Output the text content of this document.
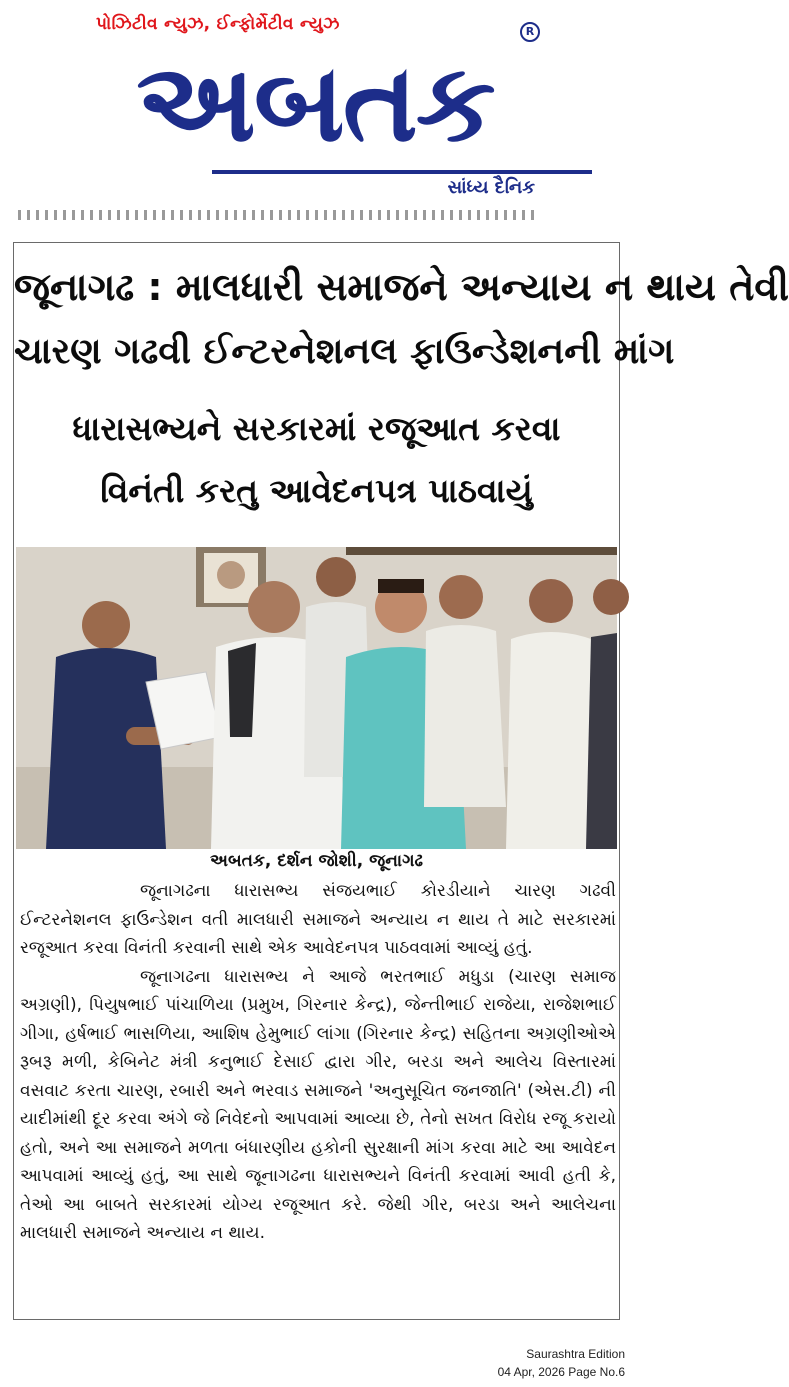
પોઝિટીવ ન્યુઝ, ઈન્ફોર્મેટીવ ન્યુઝ	R
અબતક
સાંધ્ય દૈનિક
જૂનાગઢ : માલધારી સમાજને અન્યાય ન થાય તેવી
ચારણ ગઢવી ઈન્ટરનેશનલ ફાઉન્ડેશનની માંગ
ધારાસભ્યને સરકારમાં રજૂઆત કરવા
વિનંતી કરતુ આવેદનપત્ર પાઠવાયું
અબતક, દર્શન જોશી, જૂનાગઢ

જૂનાગઢના ધારાસભ્ય સંજયભાઈ કોરડીયાને ચારણ ગઢવી ઈન્ટરનેશનલ ફાઉન્ડેશન વતી માલધારી સમાજને અન્યાય ન થાય તે માટે સરકારમાં રજૂઆત કરવા વિનંતી કરવાની સાથે એક આવેદનપત્ર પાઠવવામાં આવ્યું હતું.

જૂનાગઢના ધારાસભ્ય ને આજે ભરતભાઈ મધુડા (ચારણ સમાજ અગ્રણી), પિયુષભાઈ પાંચાળિયા (પ્રમુખ, ગિરનાર કેન્દ્ર), જેન્તીભાઈ રાજેયા, રાજેશભાઈ ગીગા, હર્ષભાઈ ભાસળિયા, આશિષ હેમુભાઈ લાંગા (ગિરનાર કેન્દ્ર) સહિતના અગ્રણીઓએ રૂબરૂ મળી, કેબિનેટ મંત્રી કનુભાઈ દેસાઈ દ્વારા ગીર, બરડા અને આલેચ વિસ્તારમાં વસવાટ કરતા ચારણ, રબારી અને ભરવાડ સમાજને 'અનુસૂચિત જનજાતિ' (એસ.ટી) ની યાદીમાંથી દૂર કરવા અંગે જે નિવેદનો આપવામાં આવ્યા છે, તેનો સખત વિરોધ રજૂ કરાયો હતો, અને આ સમાજને મળતા બંધારણીય હકોની સુરક્ષાની માંગ કરવા માટે આ આવેદન આપવામાં આવ્યું હતું, આ સાથે જૂનાગઢના ધારાસભ્યને વિનંતી કરવામાં આવી હતી કે, તેઓ આ બાબતે સરકારમાં યોગ્ય રજૂઆત કરે. જેથી ગીર, બરડા અને આલેચના માલધારી સમાજને અન્યાય ન થાય.

Saurashtra Edition
04 Apr, 2026 Page No.6
